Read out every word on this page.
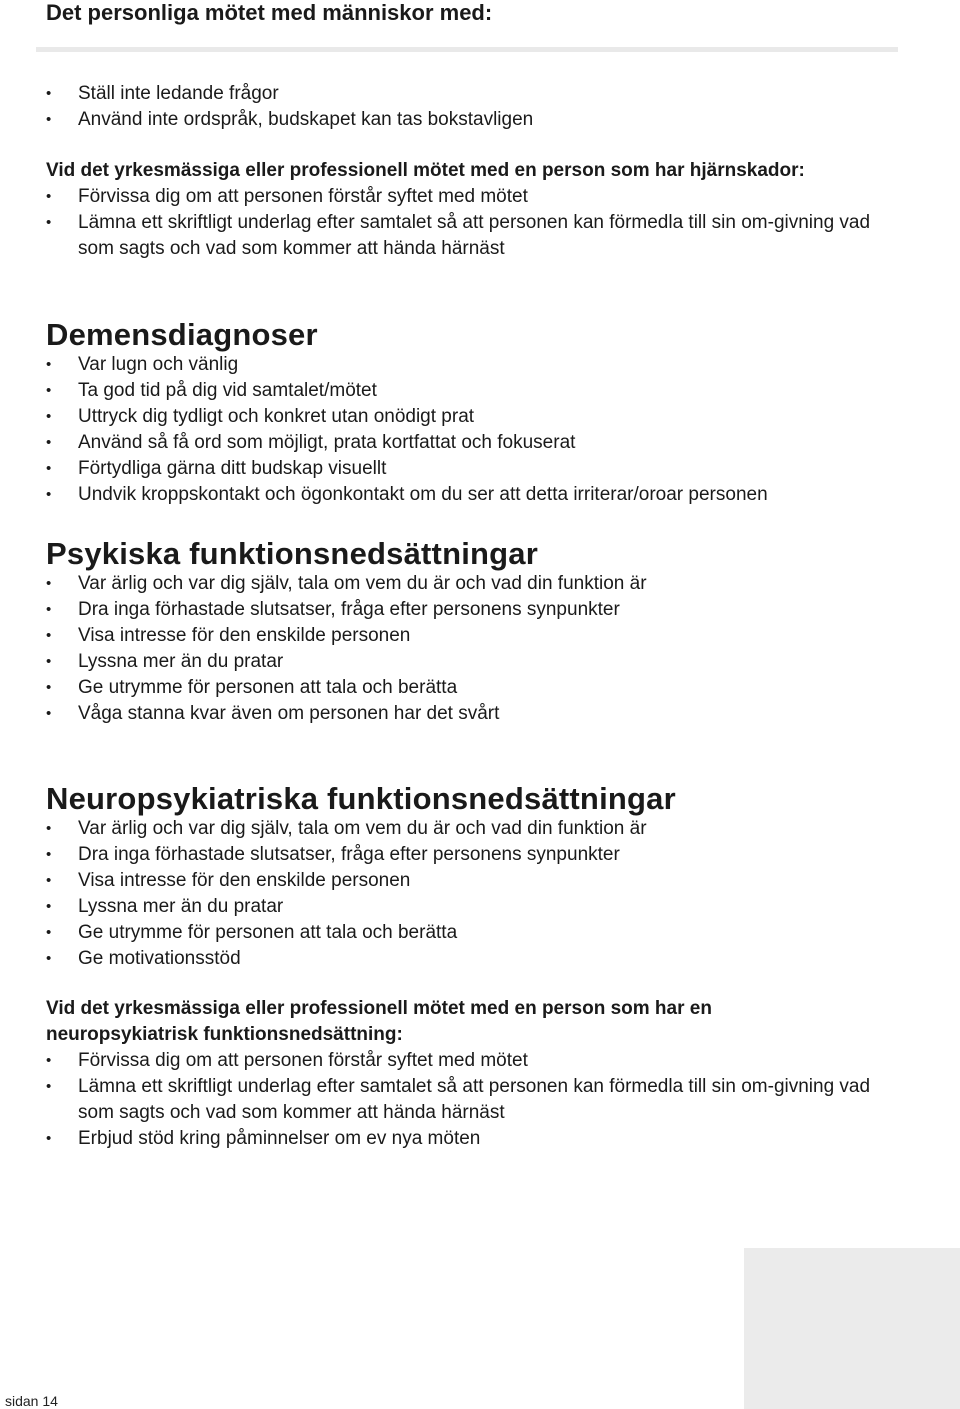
Det personliga mötet med människor med:
• Ställ inte ledande frågor
• Använd inte ordspråk, budskapet kan tas bokstavligen

Vid det yrkesmässiga eller professionell mötet med en person som har hjärnskador:

• Förvissa dig om att personen förstår syftet med mötet
• Lämna ett skriftligt underlag efter samtalet så att personen kan förmedla till sin om-givning vad som sagts och vad som kommer att hända härnäst
Demensdiagnoser
• Var lugn och vänlig
• Ta god tid på dig vid samtalet/mötet
• Uttryck dig tydligt och konkret utan onödigt prat
• Använd så få ord som möjligt, prata kortfattat och fokuserat
• Förtydliga gärna ditt budskap visuellt
• Undvik kroppskontakt och ögonkontakt om du ser att detta irriterar/oroar personen
Psykiska funktionsnedsättningar
• Var ärlig och var dig själv, tala om vem du är och vad din funktion är
• Dra inga förhastade slutsatser, fråga efter personens synpunkter
• Visa intresse för den enskilde personen
• Lyssna mer än du pratar
• Ge utrymme för personen att tala och berätta
• Våga stanna kvar även om personen har det svårt
Neuropsykiatriska funktionsnedsättningar
• Var ärlig och var dig själv, tala om vem du är och vad din funktion är
• Dra inga förhastade slutsatser, fråga efter personens synpunkter
• Visa intresse för den enskilde personen
• Lyssna mer än du pratar
• Ge utrymme för personen att tala och berätta
• Ge motivationsstöd

Vid det yrkesmässiga eller professionell mötet med en person som har en neuropsykiatrisk funktionsnedsättning:

• Förvissa dig om att personen förstår syftet med mötet
• Lämna ett skriftligt underlag efter samtalet så att personen kan förmedla till sin om-givning vad som sagts och vad som kommer att hända härnäst
• Erbjud stöd kring påminnelser om ev nya möten
sidan 14
